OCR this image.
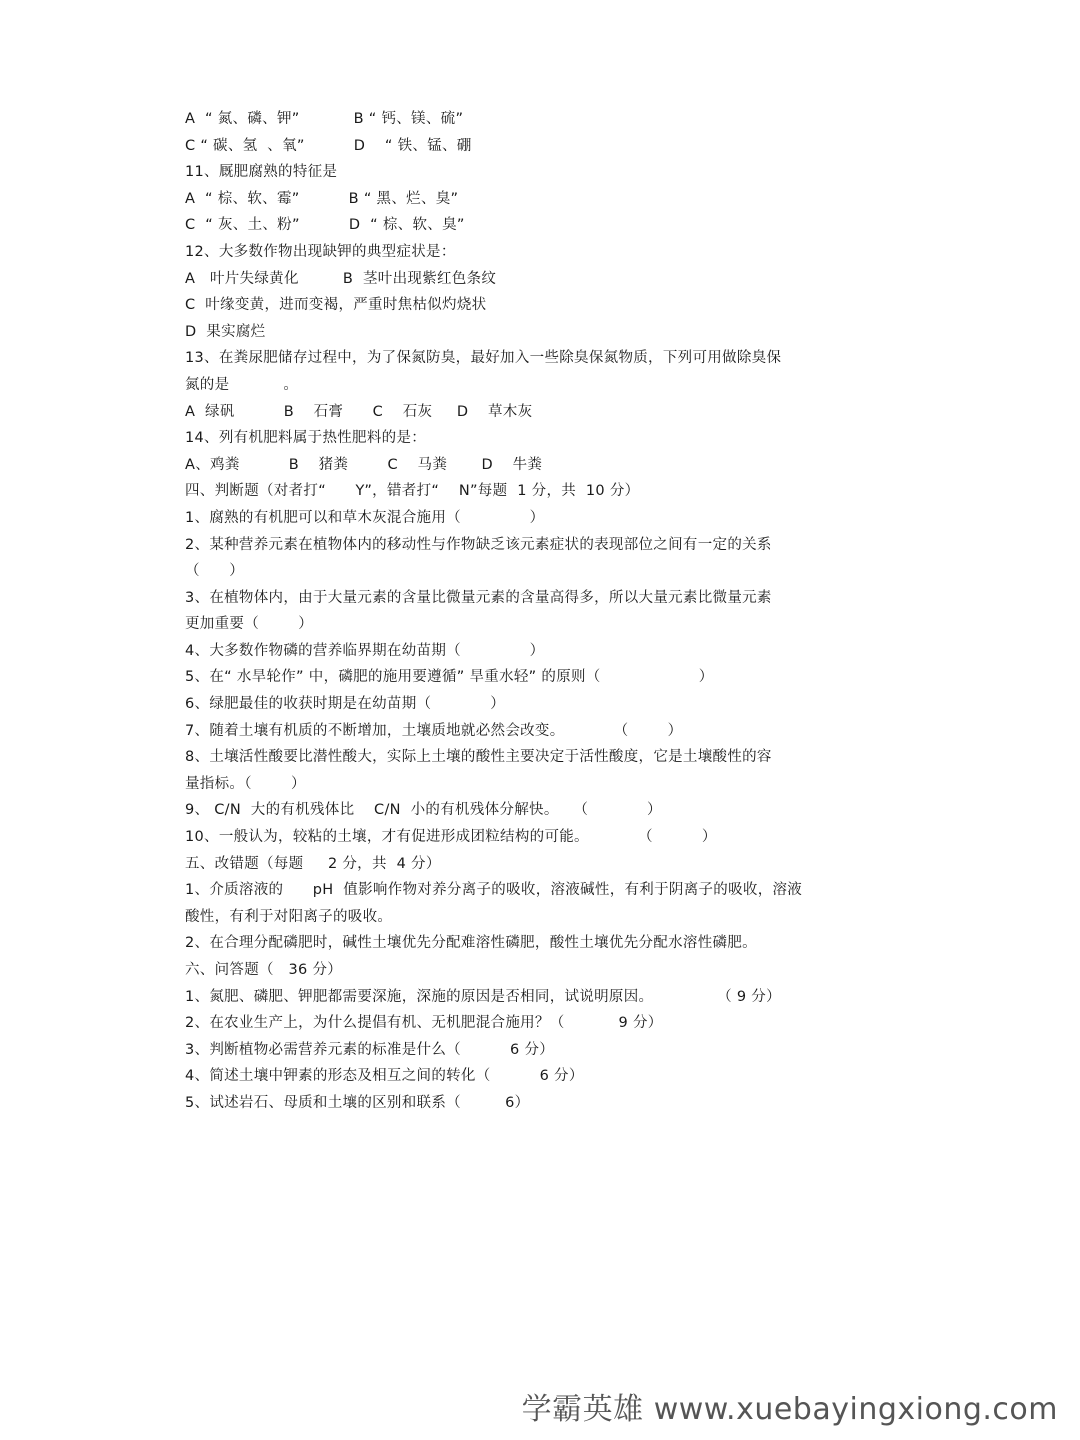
A  “ 氮、磷、钾”           B “ 钙、镁、硫”
C “ 碳、氢  、氧”          D    “ 铁、锰、硼
11、厩肥腐熟的特征是
A  “ 棕、软、霉”          B “ 黑、烂、臭”
C  “ 灰、土、粉”          D  “ 棕、软、臭”
12、大多数作物出现缺钾的典型症状是：
A   叶片失绿黄化         B  茎叶出现紫红色条纹
C  叶缘变黄，进而变褐，严重时焦枯似灼烧状
D  果实腐烂
13、在粪尿肥储存过程中，为了保氮防臭，最好加入一些除臭保氮物质，下列可用做除臭保
氮的是           。
A  绿矾          B    石膏      C    石灰     D    草木灰
14、列有机肥料属于热性肥料的是：
A、鸡粪          B    猪粪        C    马粪       D    牛粪
四、判断题（对者打“      Y”，错者打“    N”每题  1 分，共  10 分）
1、腐熟的有机肥可以和草木灰混合施用（              ）
2、某种营养元素在植物体内的移动性与作物缺乏该元素症状的表现部位之间有一定的关系
（      ）
3、在植物体内，由于大量元素的含量比微量元素的含量高得多，所以大量元素比微量元素
更加重要（        ）
4、大多数作物磷的营养临界期在幼苗期（              ）
5、在“ 水旱轮作” 中，磷肥的施用要遵循” 旱重水轻” 的原则（                    ）
6、绿肥最佳的收获时期是在幼苗期（            ）
7、随着土壤有机质的不断增加，土壤质地就必然会改变。          （        ）
8、土壤活性酸要比潜性酸大，实际上土壤的酸性主要决定于活性酸度，它是土壤酸性的容
量指标。（        ）
9、 C/N  大的有机残体比    C/N  小的有机残体分解快。   （            ）
10、一般认为，较粘的土壤，才有促进形成团粒结构的可能。          （          ）
五、改错题（每题     2 分，共  4 分）
1、介质溶液的      pH  值影响作物对养分离子的吸收，溶液碱性，有利于阴离子的吸收，溶液
酸性，有利于对阳离子的吸收。
2、在合理分配磷肥时，碱性土壤优先分配难溶性磷肥，酸性土壤优先分配水溶性磷肥。
六、问答题（   36 分）
1、氮肥、磷肥、钾肥都需要深施，深施的原因是否相同，试说明原因。             （ 9 分）
2、在农业生产上，为什么提倡有机、无机肥混合施用？（           9 分）
3、判断植物必需营养元素的标准是什么（          6 分）
4、简述土壤中钾素的形态及相互之间的转化（          6 分）
5、试述岩石、母质和土壤的区别和联系（         6）
学霸英雄 www.xuebayingxiong.com
